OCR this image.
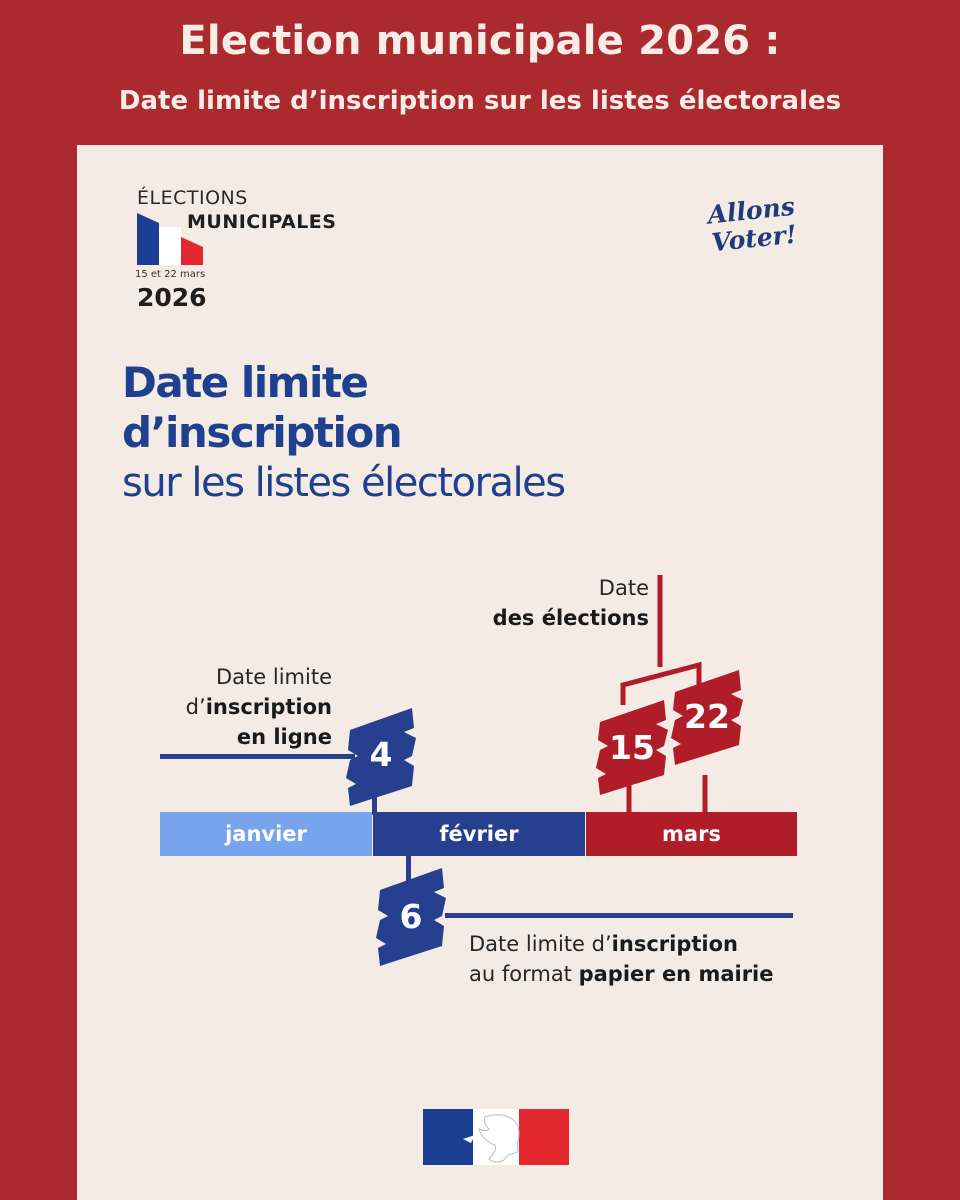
Election municipale 2026 :
Date limite d’inscription sur les listes électorales
ÉLECTIONS
MUNICIPALES
15 et 22 mars
2026
Allons
Voter!
Date limite
d’inscription
sur les listes électorales
Date limite
d’inscription
en ligne	4
janvier	février	mars
6
Date limite d’inscription
au format papier en mairie
Date
des élections
15
22
